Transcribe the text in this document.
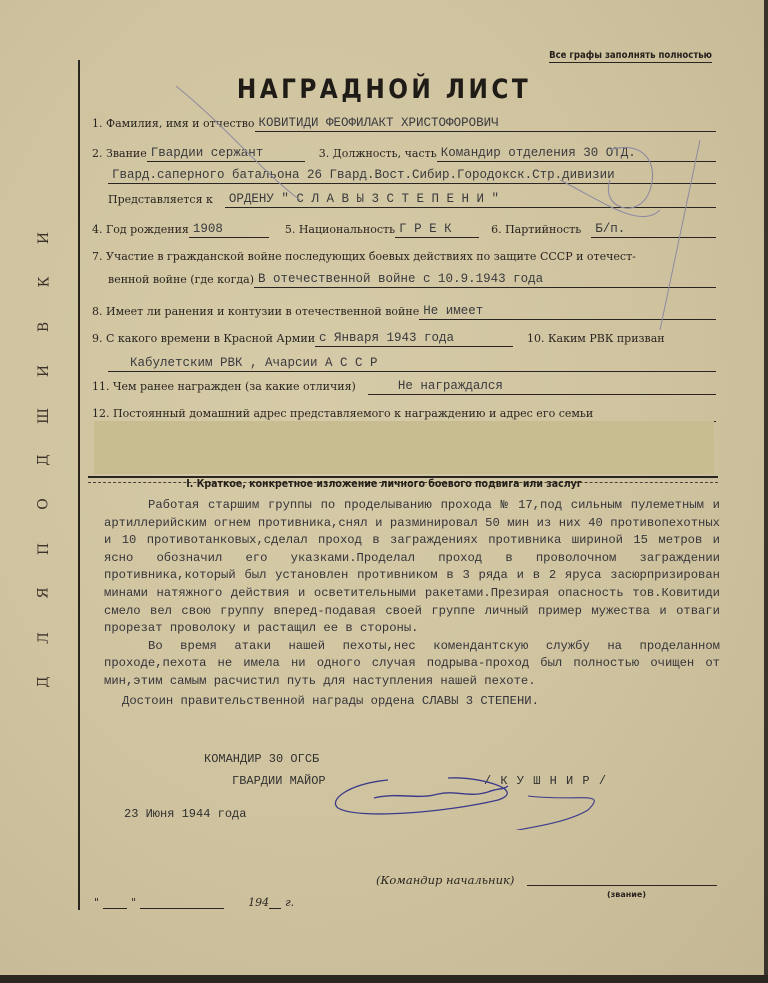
Д
Л
Я
П
О
Д
Ш
И
В
К
И
Все графы заполнять полностью
НАГРАДНОЙ ЛИСТ
1. Фамилия, имя и отчество КОВИТИДИ ФЕОФИЛАКТ ХРИСТОФОРОВИЧ
2. Звание Гвардии сержант	3. Должность, часть Командир отделения 30 ОТД.
Гвард.саперного батальона 26 Гвард.Вост.Сибир.Городокск.Стр.дивизии
Представляется к	ОРДЕНУ " С Л А В Ы 3 С Т Е П Е Н И "
4. Год рождения 1908	5. Национальность Г Р Е К	6. Партийность	Б/п.
7. Участие в гражданской войне последующих боевых действиях по защите СССР и отечест-
венной войне (где когда) В отечественной войне с 10.9.1943 года
8. Имеет ли ранения и контузии в отечественной войне Не имеет
9. С какого времени в Красной Армии с Января 1943 года	10. Каким РВК призван
Кабулетским РВК , Ачарсии А С С Р
11. Чем ранее награжден (за какие отличия)	Не награждался
12. Постоянный домашний адрес представляемого к награждению и адрес его семьи
I. Краткое, конкретное изложение личного боевого подвига или заслуг

Работая старшим группы по проделыванию прохода № 17,под сильным пулеметным и артиллерийским огнем противника,снял и разминировал 50 мин из них 40 противопехотных и 10 противотанковых,сделал проход в заграждениях противника шириной 15 метров и ясно обозначил его указками.Проделал проход в проволочном заграждении противника,который был установлен противником в 3 ряда и в 2 яруса засюрпризирован минами натяжного действия и осветительными ракетами.Презирая опасность тов.Ковитиди смело вел свою группу вперед-подавая своей группе личный пример мужества и отваги прорезат проволоку и растащил ее в стороны.

Во время атаки нашей пехоты,нес комендантскую службу на проделанном проходе,пехота не имела ни одного случая подрыва-проход был полностью очищен от мин,этим самым расчистил путь для наступления нашей пехоте.

Достоин правительственной награды ордена СЛАВЫ 3 СТЕПЕНИ.

КОМАНДИР 30 ОГСБ
ГВАРДИИ МАЙОР	/ К У Ш Н И Р /
23 Июня 1944 года
(Командир начальник)
(звание)
"	"	194 г.
